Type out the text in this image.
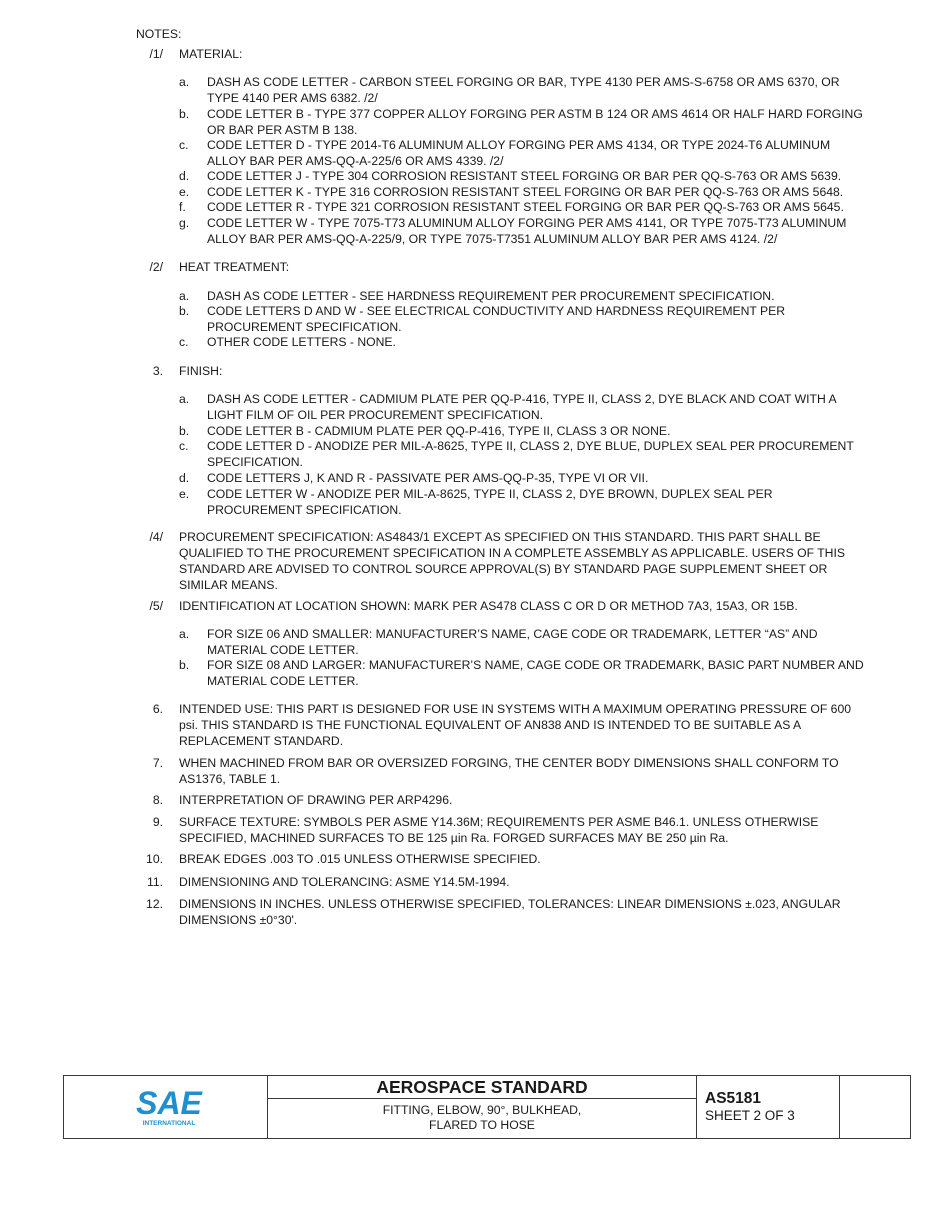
NOTES:
/1/ MATERIAL:
a. DASH AS CODE LETTER - CARBON STEEL FORGING OR BAR, TYPE 4130 PER AMS-S-6758 OR AMS 6370, OR TYPE 4140 PER AMS 6382. /2/
b. CODE LETTER B - TYPE 377 COPPER ALLOY FORGING PER ASTM B 124 OR AMS 4614 OR HALF HARD FORGING OR BAR PER ASTM B 138.
c. CODE LETTER D - TYPE 2014-T6 ALUMINUM ALLOY FORGING PER AMS 4134, OR TYPE 2024-T6 ALUMINUM ALLOY BAR PER AMS-QQ-A-225/6 OR AMS 4339. /2/
d. CODE LETTER J - TYPE 304 CORROSION RESISTANT STEEL FORGING OR BAR PER QQ-S-763 OR AMS 5639.
e. CODE LETTER K - TYPE 316 CORROSION RESISTANT STEEL FORGING OR BAR PER QQ-S-763 OR AMS 5648.
f. CODE LETTER R - TYPE 321 CORROSION RESISTANT STEEL FORGING OR BAR PER QQ-S-763 OR AMS 5645.
g. CODE LETTER W - TYPE 7075-T73 ALUMINUM ALLOY FORGING PER AMS 4141, OR TYPE 7075-T73 ALUMINUM ALLOY BAR PER AMS-QQ-A-225/9, OR TYPE 7075-T7351 ALUMINUM ALLOY BAR PER AMS 4124. /2/
/2/ HEAT TREATMENT:
a. DASH AS CODE LETTER - SEE HARDNESS REQUIREMENT PER PROCUREMENT SPECIFICATION.
b. CODE LETTERS D AND W - SEE ELECTRICAL CONDUCTIVITY AND HARDNESS REQUIREMENT PER PROCUREMENT SPECIFICATION.
c. OTHER CODE LETTERS - NONE.
3. FINISH:
a. DASH AS CODE LETTER - CADMIUM PLATE PER QQ-P-416, TYPE II, CLASS 2, DYE BLACK AND COAT WITH A LIGHT FILM OF OIL PER PROCUREMENT SPECIFICATION.
b. CODE LETTER B - CADMIUM PLATE PER QQ-P-416, TYPE II, CLASS 3 OR NONE.
c. CODE LETTER D - ANODIZE PER MIL-A-8625, TYPE II, CLASS 2, DYE BLUE, DUPLEX SEAL PER PROCUREMENT SPECIFICATION.
d. CODE LETTERS J, K AND R - PASSIVATE PER AMS-QQ-P-35, TYPE VI OR VII.
e. CODE LETTER W - ANODIZE PER MIL-A-8625, TYPE II, CLASS 2, DYE BROWN, DUPLEX SEAL PER PROCUREMENT SPECIFICATION.
/4/ PROCUREMENT SPECIFICATION: AS4843/1 EXCEPT AS SPECIFIED ON THIS STANDARD. THIS PART SHALL BE QUALIFIED TO THE PROCUREMENT SPECIFICATION IN A COMPLETE ASSEMBLY AS APPLICABLE. USERS OF THIS STANDARD ARE ADVISED TO CONTROL SOURCE APPROVAL(S) BY STANDARD PAGE SUPPLEMENT SHEET OR SIMILAR MEANS.
/5/ IDENTIFICATION AT LOCATION SHOWN: MARK PER AS478 CLASS C OR D OR METHOD 7A3, 15A3, OR 15B.
a. FOR SIZE 06 AND SMALLER: MANUFACTURER’S NAME, CAGE CODE OR TRADEMARK, LETTER “AS” AND MATERIAL CODE LETTER.
b. FOR SIZE 08 AND LARGER: MANUFACTURER’S NAME, CAGE CODE OR TRADEMARK, BASIC PART NUMBER AND MATERIAL CODE LETTER.
6. INTENDED USE: THIS PART IS DESIGNED FOR USE IN SYSTEMS WITH A MAXIMUM OPERATING PRESSURE OF 600 psi. THIS STANDARD IS THE FUNCTIONAL EQUIVALENT OF AN838 AND IS INTENDED TO BE SUITABLE AS A REPLACEMENT STANDARD.
7. WHEN MACHINED FROM BAR OR OVERSIZED FORGING, THE CENTER BODY DIMENSIONS SHALL CONFORM TO AS1376, TABLE 1.
8. INTERPRETATION OF DRAWING PER ARP4296.
9. SURFACE TEXTURE: SYMBOLS PER ASME Y14.36M; REQUIREMENTS PER ASME B46.1. UNLESS OTHERWISE SPECIFIED, MACHINED SURFACES TO BE 125 µin Ra. FORGED SURFACES MAY BE 250 µin Ra.
10. BREAK EDGES .003 TO .015 UNLESS OTHERWISE SPECIFIED.
11. DIMENSIONING AND TOLERANCING: ASME Y14.5M-1994.
12. DIMENSIONS IN INCHES. UNLESS OTHERWISE SPECIFIED, TOLERANCES: LINEAR DIMENSIONS ±.023, ANGULAR DIMENSIONS ±0°30'.
SAE
INTERNATIONAL
AEROSPACE STANDARD
FITTING, ELBOW, 90°, BULKHEAD,
FLARED TO HOSE
AS5181
SHEET 2 OF 3
